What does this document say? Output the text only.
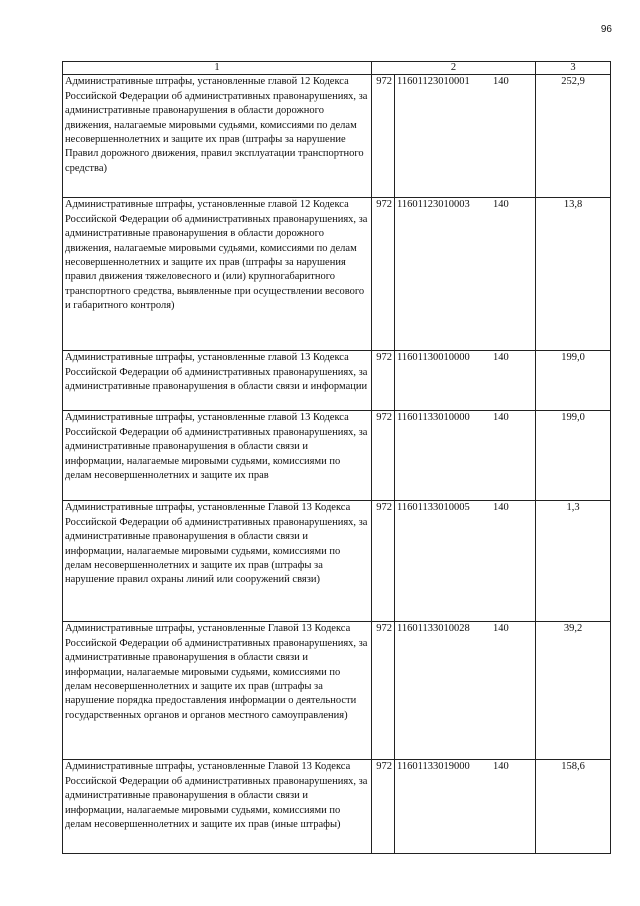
96
1	2		3
Административные штрафы, установленные главой 12 Кодекса Российской Федерации об административных правонарушениях, за административные правонарушения в области дорожного движения, налагаемые мировыми судьями, комиссиями по делам несовершеннолетних и защите их прав (штрафы за нарушение Правил дорожного движения, правил эксплуатации транспортного средства)	972	11601123010001 140	252,9
Административные штрафы, установленные главой 12 Кодекса Российской Федерации об административных правонарушениях, за административные правонарушения в области дорожного движения, налагаемые мировыми судьями, комиссиями по делам несовершеннолетних и защите их прав (штрафы за нарушения правил движения тяжеловесного и (или) крупногабаритного транспортного средства, выявленные при осуществлении весового и габаритного контроля)	972	11601123010003 140	13,8
Административные штрафы, установленные главой 13 Кодекса Российской Федерации об административных правонарушениях, за административные правонарушения в области связи и информации	972	11601130010000 140	199,0
Административные штрафы, установленные главой 13 Кодекса Российской Федерации об административных правонарушениях, за административные правонарушения в области связи и информации, налагаемые мировыми судьями, комиссиями по делам несовершеннолетних и защите их прав	972	11601133010000 140	199,0
Административные штрафы, установленные Главой 13 Кодекса Российской Федерации об административных правонарушениях, за административные правонарушения в области связи и информации, налагаемые мировыми судьями, комиссиями по делам несовершеннолетних и защите их прав (штрафы за нарушение правил охраны линий или сооружений связи)	972	11601133010005 140	1,3
Административные штрафы, установленные Главой 13 Кодекса Российской Федерации об административных правонарушениях, за административные правонарушения в области связи и информации, налагаемые мировыми судьями, комиссиями по делам несовершеннолетних и защите их прав (штрафы за нарушение порядка предоставления информации о деятельности государственных органов и органов местного самоуправления)	972	11601133010028 140	39,2
Административные штрафы, установленные Главой 13 Кодекса Российской Федерации об административных правонарушениях, за административные правонарушения в области связи и информации, налагаемые мировыми судьями, комиссиями по делам несовершеннолетних и защите их прав (иные штрафы)	972	11601133019000 140	158,6
